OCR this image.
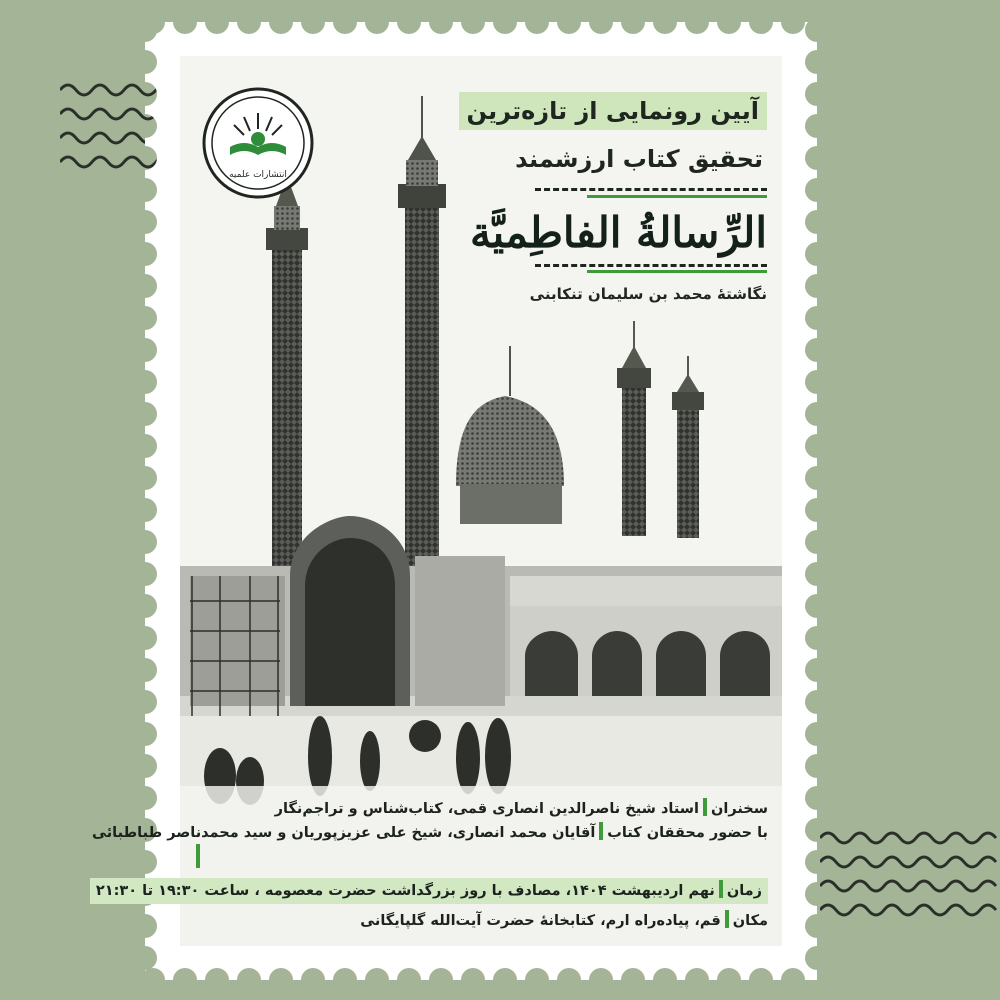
انتشارات علمیه
آیین رونمایی از تازه‌ترین
تحقیق کتاب ارزشمند
الرِّسالةُ الفاطِمیَّة
نگاشتهٔ محمد بن سلیمان تنکابنی
سخنراناستاد شیخ ناصرالدین انصاری قمی، کتاب‌شناس و تراجم‌نگار
با حضور محققان کتابآقایان محمد انصاری، شیخ علی عزیزپوریان و سید محمدناصر طباطبائی
زماننهم اردیبهشت ۱۴۰۴، مصادف با روز بزرگداشت حضرت معصومه ، ساعت ۱۹:۳۰ تا ۲۱:۳۰
مکانقم، پیاده‌راه ارم، کتابخانهٔ حضرت آیت‌الله گلپایگانی
